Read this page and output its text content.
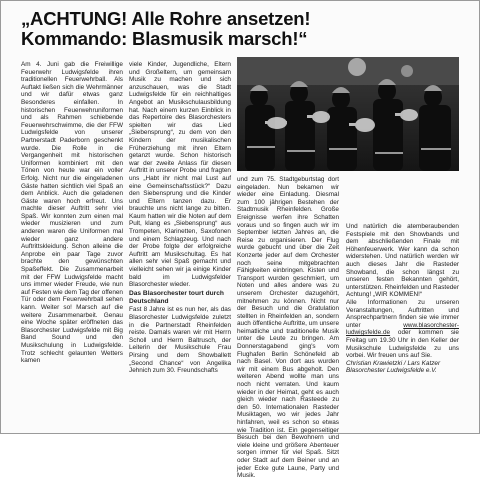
„ACHTUNG! Alle Rohre ansetzen!
Kommando: Blasmusik marsch!“

Am 4. Juni gab die Freiwillige Feuerwehr Ludwigsfelde ihren traditionellen Feuerwehrball. Als Auftakt ließen sich die Wehrmänner und wir dafür etwas ganz Besonderes einfallen. In historischen Feuerwehruniformen und als Rahmen schiebende Feuerwehrschwimme, die der FFW Ludwigsfelde von unserer Partnerstadt Paderborn geschenkt wurde. Die Rolle in die Vergangenheit mit historischen Uniformen kombiniert mit den Tönen von heute war ein voller Erfolg. Nicht nur die eingeladenen Gäste hatten sichtlich viel Spaß an dem Anblick. Auch die geladenen Gäste waren hoch erfreut. Uns machte dieser Auftritt sehr viel Spaß. Wir konnten zum einen mal wieder musizieren und zum anderen waren die Uniformen mal wieder ganz andere Auftrittskleidung. Schon alleine die Anprobe ein paar Tage zuvor brachte den gewünschten Spaßeffekt. Die Zusammenarbeit mit der FFW Ludwigsfelde macht uns immer wieder Freude, wie nun auf Festen wie dem Tag der offenen Tür oder dem Feuerwehrball sehen kann. Weiter so! Marsch auf die weitere Zusammenarbeit. Genau eine Woche später eröffneten das Blasorchester Ludwigsfelde mit Big Band Sound und den Musikschulung in Ludwigsfelde. Trotz schlecht gelaunten Wetters kamen

viele Kinder, Jugendliche, Eltern und Großeltern, um gemeinsam Musik zu machen und sich anzuschauen, was die Stadt Ludwigsfelde für ein reichhaltiges Angebot an Musikschulausbildung hat. Nach einem kurzen Einblick in das Repertoire des Blasorchesters spielten wir das Lied „Siebensprung“, zu dem von den Kindern der musikalischen Früherziehung mit ihren Eltern getanzt wurde. Schon historisch war der zweite Anlass für diesen Auftritt in unserer Probe und fragten uns „Habt ihr nicht mal Lust auf eine Gemeinschaftsstück?“ Dazu den Siebensprung und die Kinder und Eltern tanzen dazu. Er brauchte uns nicht lange zu bitten. Kaum hatten wir die Noten auf dem Pult, klang es „Siebensprung“ aus Trompeten, Klarinetten, Saxofonen und einem Schlagzeug. Und nach der Probe folgte der erfolgreiche Auftritt am Musikschultag. Es hat allen sehr viel Spaß gemacht und vielleicht sehen wir ja einige Kinder bald im Ludwigsfelder Blasorchester wieder.

Das Blasorchester tourt durch Deutschland

Fast 8 Jahre ist es nun her, als das Blasorchester Ludwigsfelde zuletzt in die Partnerstadt Rheinfelden reiste. Damals waren wir mit Herrn Scholl und Herrn Baltrusch, der Leiterin der Musikschule Frau Pirsing und dem Showballett „Second Chance“ von Angelika Jehnich zum 30. Freundschafts

und zum 75. Stadtgeburtstag dort eingeladen. Nun bekamen wir wieder eine Einladung. Diesmal zum 100 jährigen Bestehen der Stadtmusik Rheinfelden. Große Ereignisse werfen ihre Schatten voraus und so fingen auch wir im September letzten Jahres an, die Reise zu organisieren. Der Flug wurde gebucht und über die Zeit Konzerte jeder auf dem Orchester noch seine mitgebrachten Fähigkeiten einbringen. Kisten und Transport wurden geschmiert, um Noten und alles andere was zu unserem Orchester dazugehört, mitnehmen zu können. Nicht nur der Besuch und die Gratulation stellten in Rheinfelden an, sondern auch öffentliche Auftritte, um unsere heimatliche und traditionelle Musik unter die Leute zu bringen. Am Donnerstagabend ging's vom Flughafen Berlin Schönefeld ab nach Basel. Von dort aus wurden wir mit einem Bus abgeholt. Den weiteren Abend wollte man uns noch nicht verraten. Und kaum wieder in der Heimat, geht es auch gleich wieder nach Rasteede zu den 50. Internationalen Rasteder Musiktagen, wo wir jedes Jahr hinfahren, weil es schon so etwas wie Tradition ist. Ein gegenseitiger Besuch bei den Bewohnern und viele kleine und größere Abenteuer sorgen immer für viel Spaß. Sitzt oder Stadt auf dem Beiner und an jeder Ecke gute Laune, Party und Musik.

Und natürlich die atemberaubenden Festspiele mit den Showbands und dem abschließenden Finale mit Höhenfeuerwerk. Wer kann da schon widerstehen. Und natürlich werden wir auch dieses Jahr die Rasteder Showband, die schon längst zu unseren festen Bekannten gehört, unterstützen. Rheinfelden und Rasteder Achtung! „WIR KOMMEN!“

Alle Informationen zu unseren Veranstaltungen, Auftritten und Ansprechpartnern finden sie wie immer unter	www.blasorchester-ludwigsfelde.de oder kommen sie Freitag um 19.30 Uhr in den Keller der Musikschule Ludwigsfelde zu uns vorbei. Wir freuen uns auf Sie.

Christian Krawietzki / Lars Katzer Blasorchester Ludwigsfelde e.V.
